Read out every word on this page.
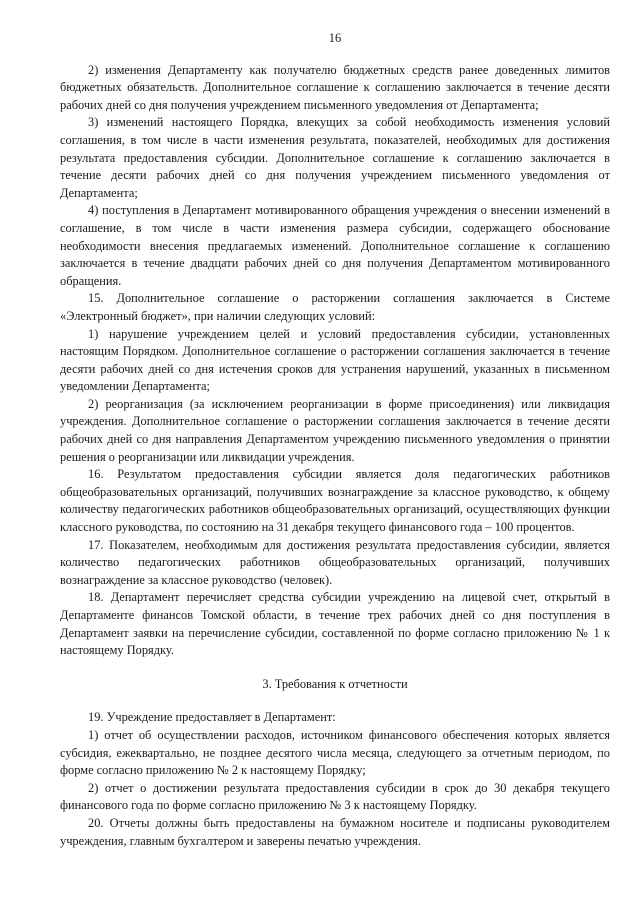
16

2) изменения Департаменту как получателю бюджетных средств ранее доведенных лимитов бюджетных обязательств. Дополнительное соглашение к соглашению заключается в течение десяти рабочих дней со дня получения учреждением письменного уведомления от Департамента;

3) изменений настоящего Порядка, влекущих за собой необходимость изменения условий соглашения, в том числе в части изменения результата, показателей, необходимых для достижения результата предоставления субсидии. Дополнительное соглашение к соглашению заключается в течение десяти рабочих дней со дня получения учреждением письменного уведомления от Департамента;

4) поступления в Департамент мотивированного обращения учреждения о внесении изменений в соглашение, в том числе в части изменения размера субсидии, содержащего обоснование необходимости внесения предлагаемых изменений. Дополнительное соглашение к соглашению заключается в течение двадцати рабочих дней со дня получения Департаментом мотивированного обращения.

15. Дополнительное соглашение о расторжении соглашения заключается в Системе «Электронный бюджет», при наличии следующих условий:

1) нарушение учреждением целей и условий предоставления субсидии, установленных настоящим Порядком. Дополнительное соглашение о расторжении соглашения заключается в течение десяти рабочих дней со дня истечения сроков для устранения нарушений, указанных в письменном уведомлении Департамента;

2) реорганизация (за исключением реорганизации в форме присоединения) или ликвидация учреждения. Дополнительное соглашение о расторжении соглашения заключается в течение десяти рабочих дней со дня направления Департаментом учреждению письменного уведомления о принятии решения о реорганизации или ликвидации учреждения.

16. Результатом предоставления субсидии является доля педагогических работников общеобразовательных организаций, получивших вознаграждение за классное руководство, к общему количеству педагогических работников общеобразовательных организаций, осуществляющих функции классного руководства, по состоянию на 31 декабря текущего финансового года – 100 процентов.

17. Показателем, необходимым для достижения результата предоставления субсидии, является количество педагогических работников общеобразовательных организаций, получивших вознаграждение за классное руководство (человек).

18. Департамент перечисляет средства субсидии учреждению на лицевой счет, открытый в Департаменте финансов Томской области, в течение трех рабочих дней со дня поступления в Департамент заявки на перечисление субсидии, составленной по форме согласно приложению № 1 к настоящему Порядку.

3. Требования к отчетности

19. Учреждение предоставляет в Департамент:

1) отчет об осуществлении расходов, источником финансового обеспечения которых является субсидия, ежеквартально, не позднее десятого числа месяца, следующего за отчетным периодом, по форме согласно приложению № 2 к настоящему Порядку;

2) отчет о достижении результата предоставления субсидии в срок до 30 декабря текущего финансового года по форме согласно приложению № 3 к настоящему Порядку.

20. Отчеты должны быть предоставлены на бумажном носителе и подписаны руководителем учреждения, главным бухгалтером и заверены печатью учреждения.
